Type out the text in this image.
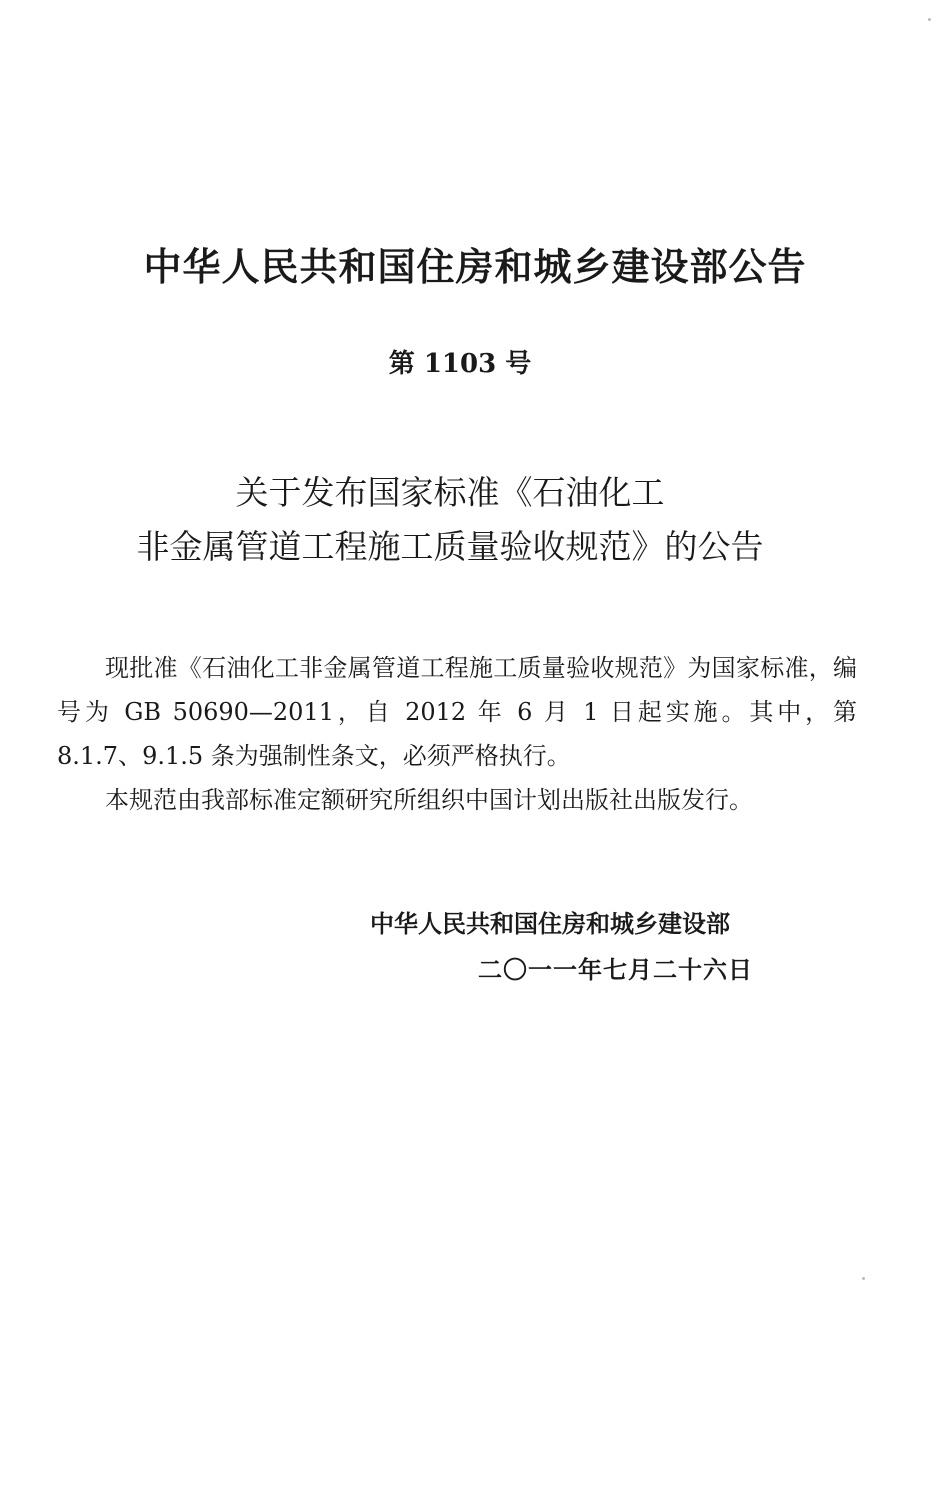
中华人民共和国住房和城乡建设部公告
第 1103 号
关于发布国家标准《石油化工
非金属管道工程施工质量验收规范》的公告
现批准《石油化工非金属管道工程施工质量验收规范》为国家标准，编号为 GB 50690—2011，自 2012 年 6 月 1 日起实施。其中，第 8.1.7、9.1.5 条为强制性条文，必须严格执行。
本规范由我部标准定额研究所组织中国计划出版社出版发行。
中华人民共和国住房和城乡建设部
二〇一一年七月二十六日
